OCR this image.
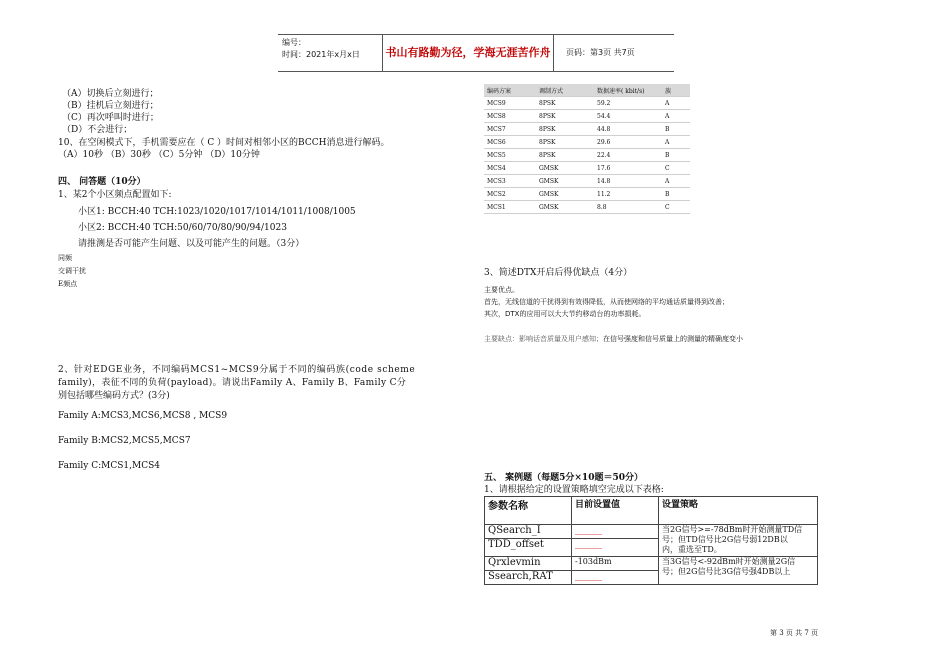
编号：
时间：2021年x月x日	书山有路勤为径，学海无涯苦作舟	页码：第3页 共7页
（A）切换后立刻进行；
（B）挂机后立刻进行；
（C）再次呼叫时进行；
（D）不会进行；
10、在空闲模式下，手机需要应在（ C ）时间对相邻小区的BCCH消息进行解码。
（A）10秒 （B）30秒 （C）5分钟 （D）10分钟
四、 问答题（10分）
1、某2个小区频点配置如下:
小区1: BCCH:40 TCH:1023/1020/1017/1014/1011/1008/1005
小区2: BCCH:40 TCH:50/60/70/80/90/94/1023
请推测是否可能产生问题、以及可能产生的问题。（3分）
同频
交调干扰
E频点
2、针对EDGE业务，不同编码MCS1~MCS9分属于不同的编码族(code scheme
family)，表征不同的负荷(payload)。请说出Family A、Family B、Family C分
别包括哪些编码方式？(3分)
Family A:MCS3,MCS6,MCS8 , MCS9
Family B:MCS2,MCS5,MCS7
Family C:MCS1,MCS4
编码方案	调制方式	数据速率( kbit/s)	族
MCS9	8PSK	59.2	A
MCS8	8PSK	54.4	A
MCS7	8PSK	44.8	B
MCS6	8PSK	29.6	A
MCS5	8PSK	22.4	B
MCS4	GMSK	17.6	C
MCS3	GMSK	14.8	A
MCS2	GMSK	11.2	B
MCS1	GMSK	8.8	C
3、简述DTX开启后得优缺点（4分）
主要优点。
首先，无线信道的干扰得到有效得降低，从而使网络的平均通话质量得到改善；
其次，DTX的应用可以大大节约移动台的功率损耗。
主要缺点：影响话音质量及用户感知；在信号强度和信号质量上的测量的精确度变小
五、 案例题（每题5分×10题＝50分）
1、请根据给定的设置策略填空完成以下表格:
参数名称	目前设置值	设置策略
QSearch_I	______	当2G信号>=-78dBm时开始测量TD信
号；但TD信号比2G信号弱12DB以
内，重选至TD。

TDD_offset	______	
Qrxlevmin	-103dBm	当3G信号<-92dBm时开始测量2G信
号；但2G信号比3G信号强4DB以上

Ssearch,RAT	______	
第 3 页 共 7 页
